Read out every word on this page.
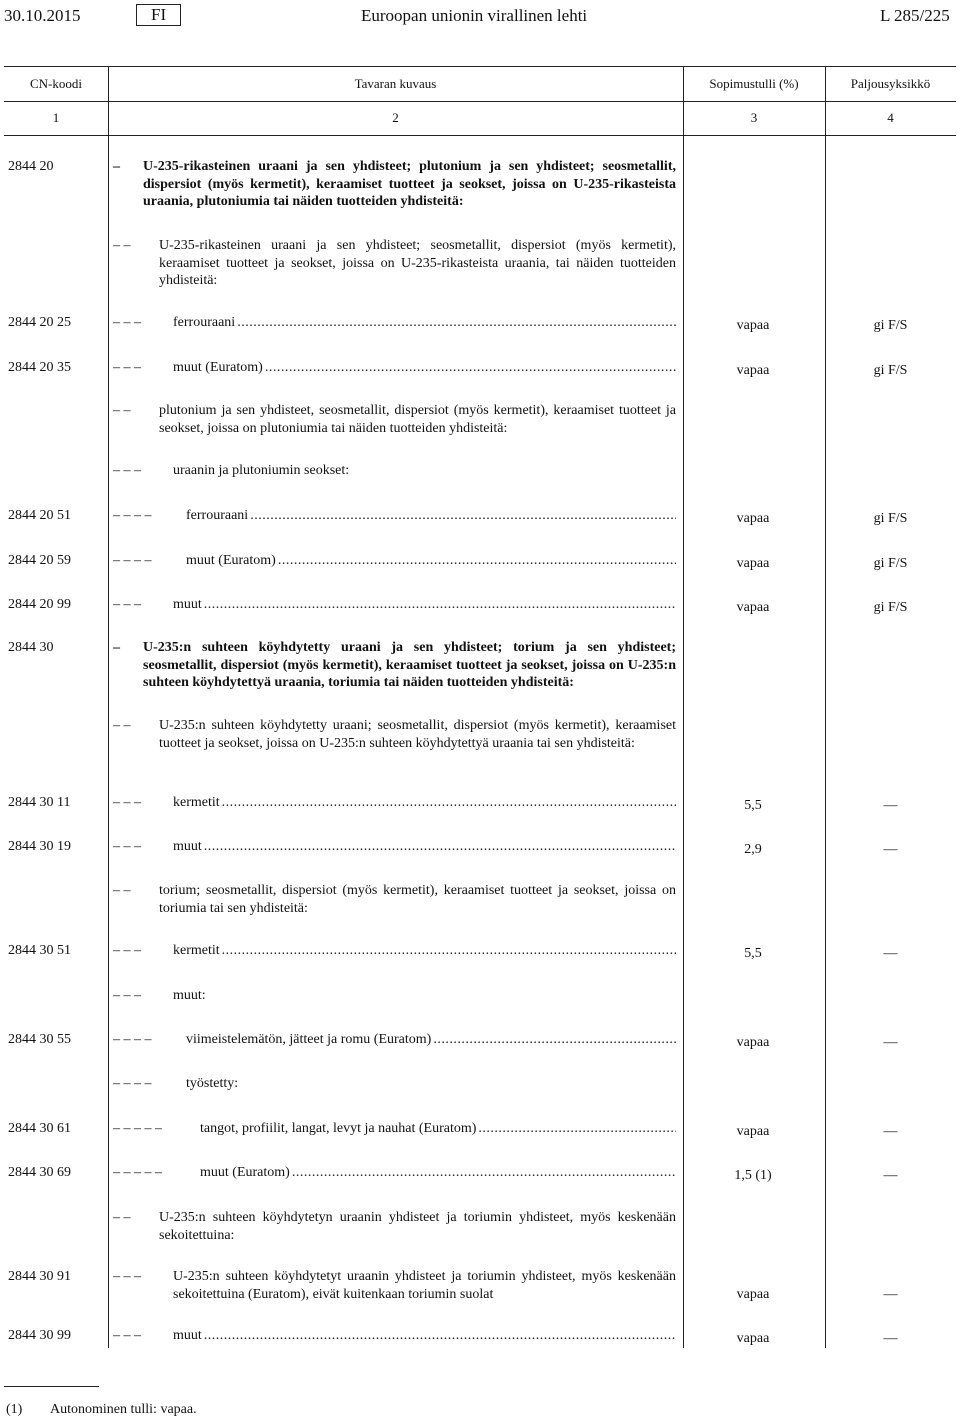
30.10.2015	FI	Euroopan unionin virallinen lehti	L 285/225
CN-koodi	Tavaran kuvaus	Sopimustulli (%)	Paljousyksikkö
1	2	3	4
2844 20	–	U-235-rikasteinen uraani ja sen yhdisteet; plutonium ja sen yhdisteet; seosmetallit, dispersiot (myös kermetit), keraamiset tuotteet ja seokset, joissa on U-235-rikasteista uraania, plutoniumia tai näiden tuotteiden yhdisteitä:
– –	U-235-rikasteinen uraani ja sen yhdisteet; seosmetallit, dispersiot (myös kermetit), keraamiset tuotteet ja seokset, joissa on U-235-rikasteista uraania, tai näiden tuotteiden yhdisteitä:
2844 20 25	– – –	ferrouraani .....	vapaa	gi F/S
2844 20 35	– – –	muut (Euratom) .....	vapaa	gi F/S
– –	plutonium ja sen yhdisteet, seosmetallit, dispersiot (myös kermetit), keraamiset tuotteet ja seokset, joissa on plutoniumia tai näiden tuotteiden yhdisteitä:
– – –	uraanin ja plutoniumin seokset:
2844 20 51	– – – –	ferrouraani .....	vapaa	gi F/S
2844 20 59	– – – –	muut (Euratom) .....	vapaa	gi F/S
2844 20 99	– – –	muut .....	vapaa	gi F/S
2844 30	–	U-235:n suhteen köyhdytetty uraani ja sen yhdisteet; torium ja sen yhdisteet; seosmetallit, dispersiot (myös kermetit), keraamiset tuotteet ja seokset, joissa on U-235:n suhteen köyhdytettyä uraania, toriumia tai näiden tuotteiden yhdisteitä:
– –	U-235:n suhteen köyhdytetty uraani; seosmetallit, dispersiot (myös kermetit), keraamiset tuotteet ja seokset, joissa on U-235:n suhteen köyhdytettyä uraania tai sen yhdisteitä:
2844 30 11	– – –	kermetit .....	5,5	—
2844 30 19	– – –	muut .....	2,9	—
– –	torium; seosmetallit, dispersiot (myös kermetit), keraamiset tuotteet ja seokset, joissa on toriumia tai sen yhdisteitä:
2844 30 51	– – –	kermetit .....	5,5	—
– – –	muut:
2844 30 55	– – – –	viimeistelemätön, jätteet ja romu (Euratom) .....	vapaa	—
– – – –	työstetty:
2844 30 61	– – – – –	tangot, profiilit, langat, levyt ja nauhat (Euratom) .....	vapaa	—
2844 30 69	– – – – –	muut (Euratom) .....	1,5 (1)	—
– –	U-235:n suhteen köyhdytetyn uraanin yhdisteet ja toriumin yhdisteet, myös keskenään sekoitettuina:
2844 30 91	– – –	U-235:n suhteen köyhdytetyt uraanin yhdisteet ja toriumin yhdisteet, myös keskenään sekoitettuina (Euratom), eivät kuitenkaan toriumin suolat	vapaa	—
2844 30 99	– – –	muut .....	vapaa	—
(1) Autonominen tulli: vapaa.
